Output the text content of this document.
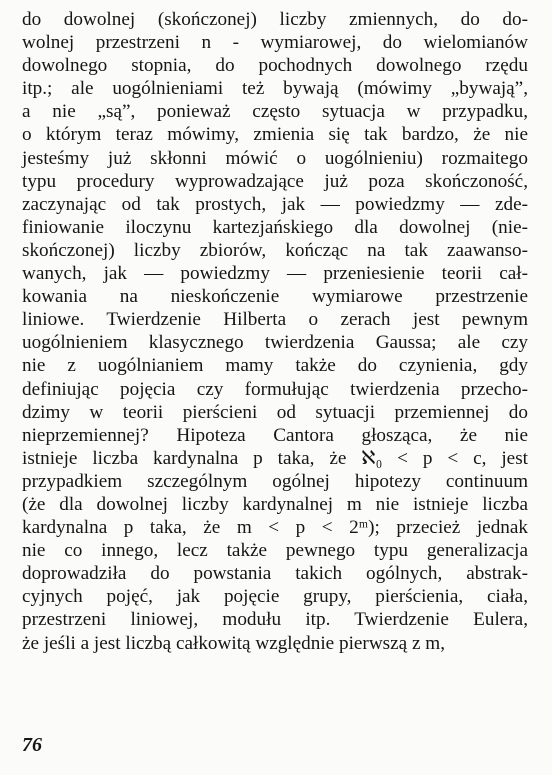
do dowolnej (skończonej) liczby zmiennych, do do-
wolnej przestrzeni n - wymiarowej, do wielomianów
dowolnego stopnia, do pochodnych dowolnego rzędu
itp.; ale uogólnieniami też bywają (mówimy „bywają”,
a nie „są”, ponieważ często sytuacja w przypadku,
o którym teraz mówimy, zmienia się tak bardzo, że nie
jesteśmy już skłonni mówić o uogólnieniu) rozmaitego
typu procedury wyprowadzające już poza skończoność,
zaczynając od tak prostych, jak — powiedzmy — zde-
finiowanie iloczynu kartezjańskiego dla dowolnej (nie-
skończonej) liczby zbiorów, kończąc na tak zaawanso-
wanych, jak — powiedzmy — przeniesienie teorii cał-
kowania na nieskończenie wymiarowe przestrzenie
liniowe. Twierdzenie Hilberta o zerach jest pewnym
uogólnieniem klasycznego twierdzenia Gaussa; ale czy
nie z uogólnianiem mamy także do czynienia, gdy
definiując pojęcia czy formułując twierdzenia przecho-
dzimy w teorii pierścieni od sytuacji przemiennej do
nieprzemiennej? Hipoteza Cantora głosząca, że nie
istnieje liczba kardynalna p taka, że ℵ₀ < p < c, jest
przypadkiem szczególnym ogólnej hipotezy continuum
(że dla dowolnej liczby kardynalnej m nie istnieje liczba
kardynalna p taka, że m < p < 2ᵐ); przecież jednak
nie co innego, lecz także pewnego typu generalizacja
doprowadziła do powstania takich ogólnych, abstrak-
cyjnych pojęć, jak pojęcie grupy, pierścienia, ciała,
przestrzeni liniowej, modułu itp. Twierdzenie Eulera,
że jeśli a jest liczbą całkowitą względnie pierwszą z m,
76
